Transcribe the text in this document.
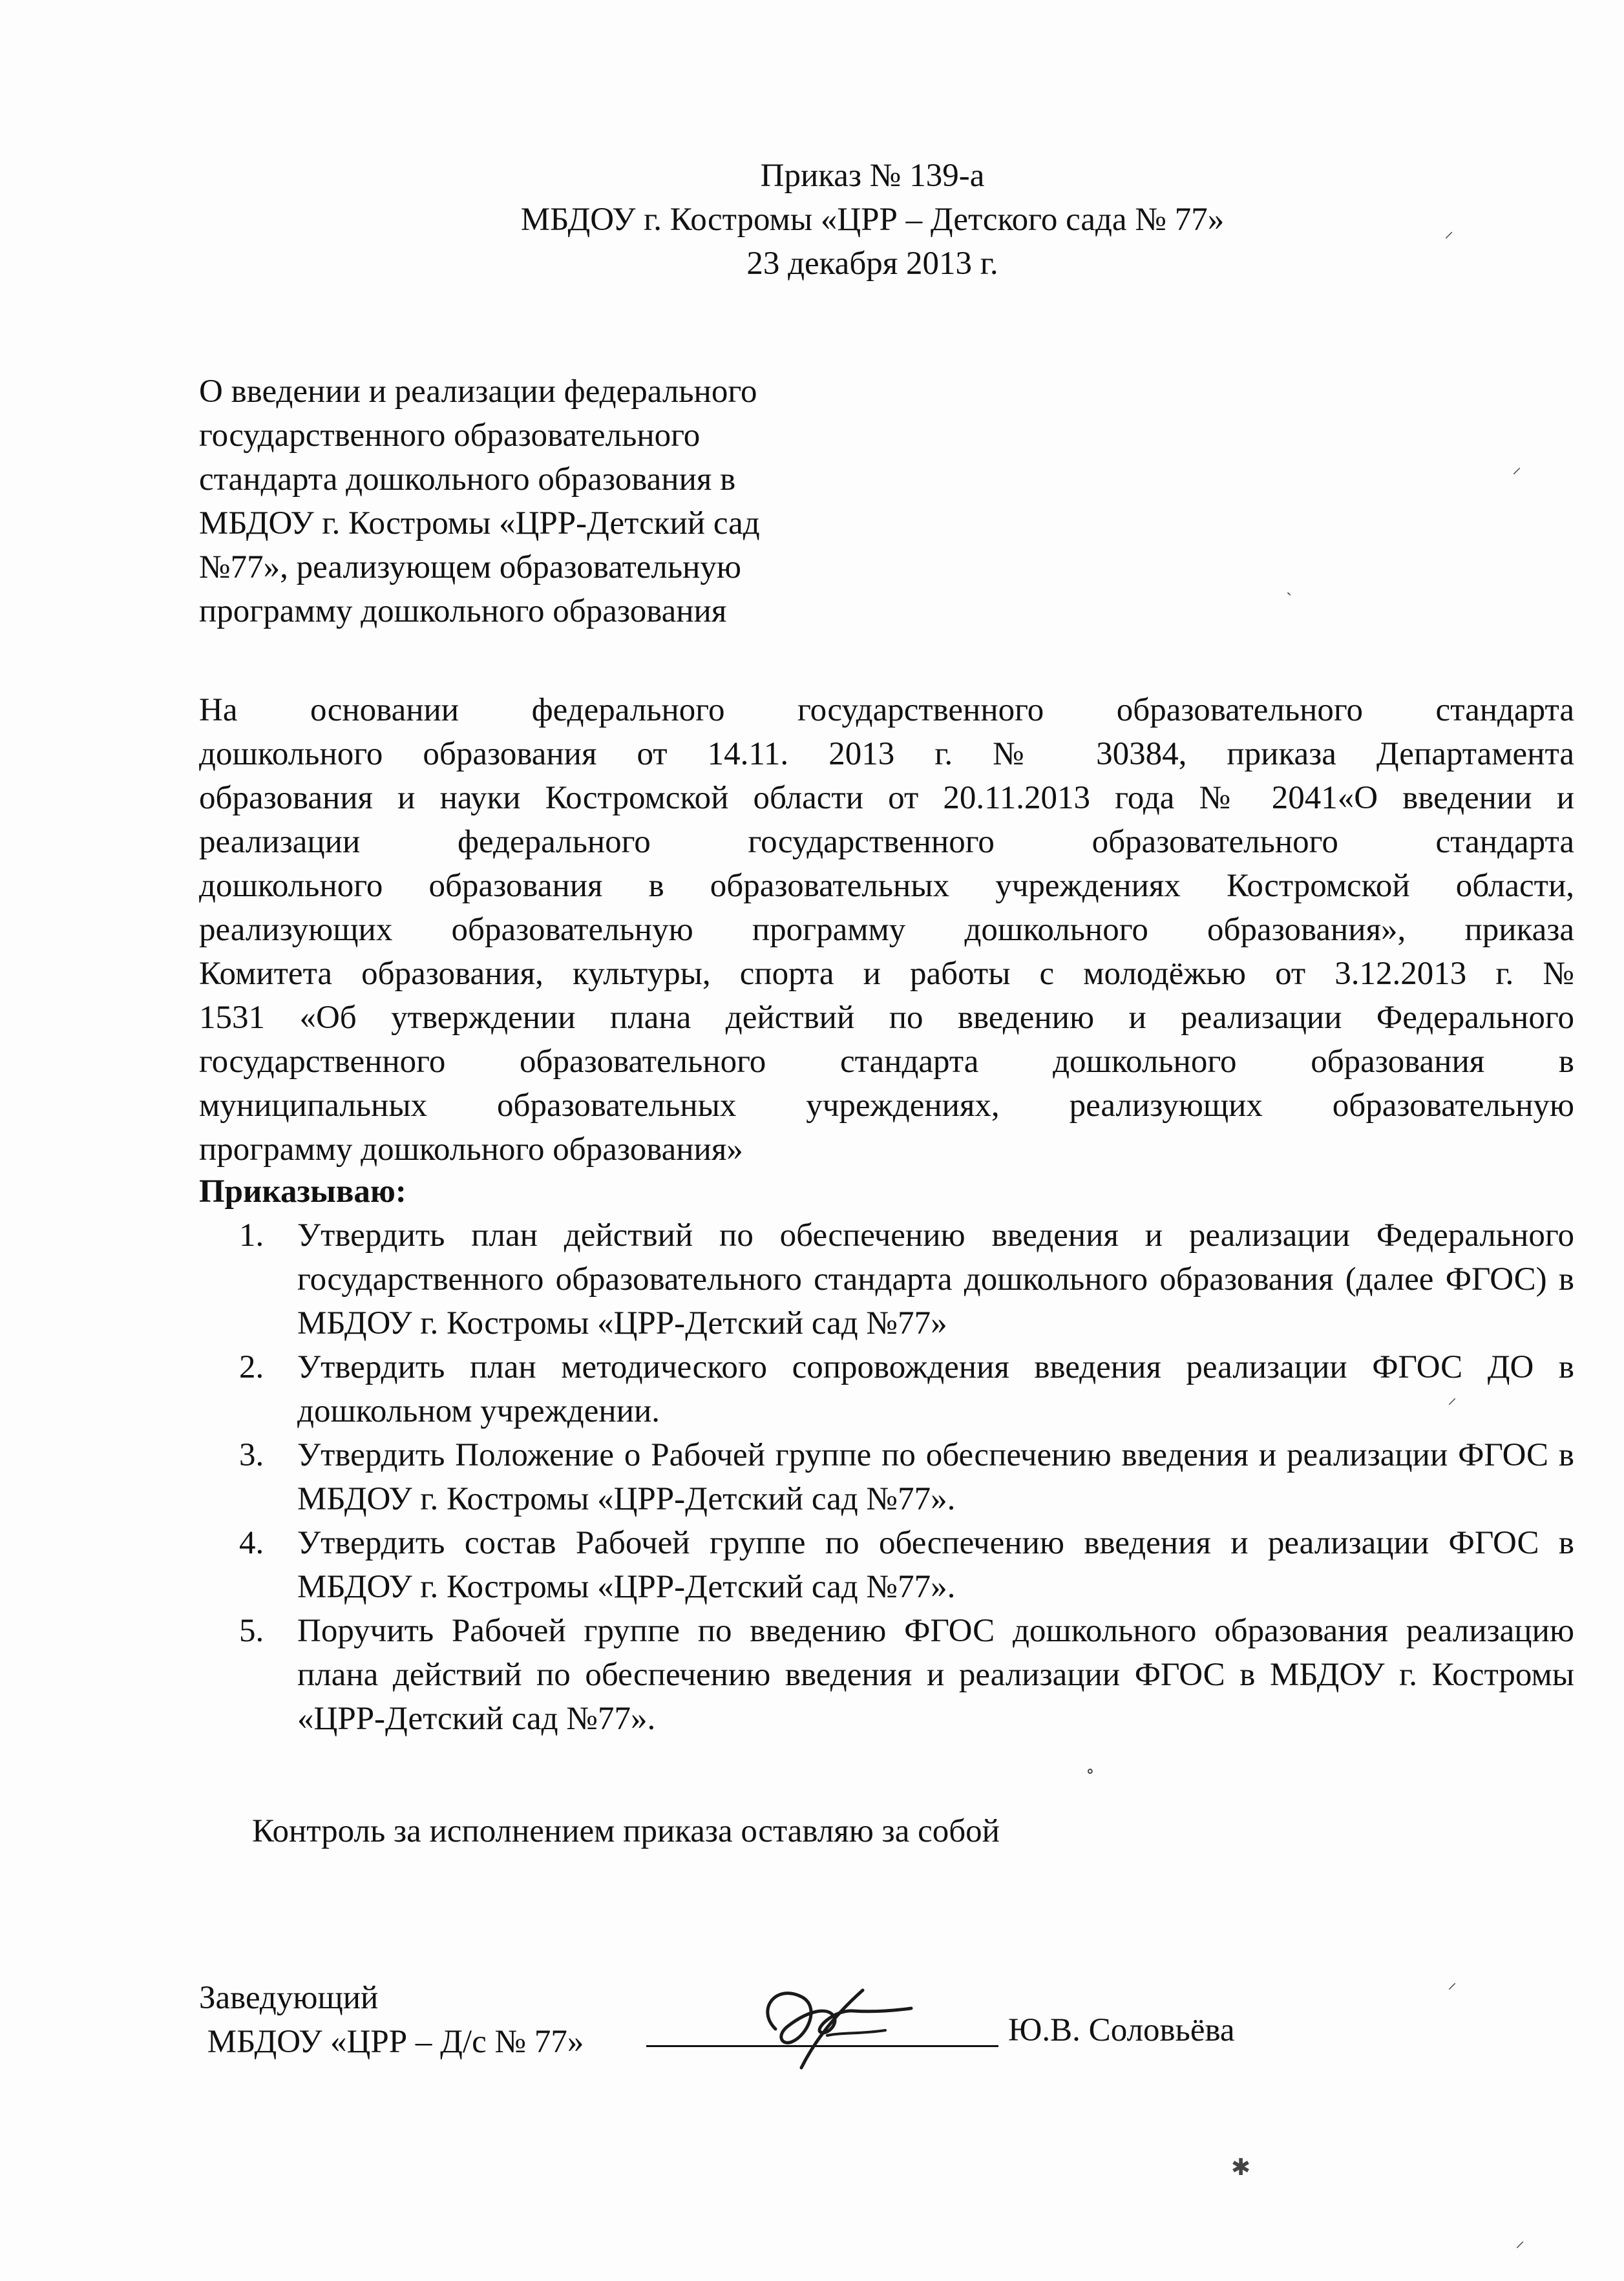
Приказ № 139-а
МБДОУ г. Костромы «ЦРР – Детского сада № 77»
23 декабря 2013 г.
О введении и реализации федерального
государственного образовательного
стандарта дошкольного образования в
МБДОУ г. Костромы «ЦРР-Детский сад
№77», реализующем образовательную
программу дошкольного образования
На основании федерального государственного образовательного стандарта
дошкольного образования от 14.11. 2013 г. № 30384, приказа Департамента
образования и науки Костромской области от 20.11.2013 года № 2041«О введении и
реализации федерального государственного образовательного стандарта
дошкольного образования в образовательных учреждениях Костромской области,
реализующих образовательную программу дошкольного образования», приказа
Комитета образования, культуры, спорта и работы с молодёжью от 3.12.2013 г. №
1531 «Об утверждении плана действий по введению и реализации Федерального
государственного образовательного стандарта дошкольного образования в
муниципальных образовательных учреждениях, реализующих образовательную
программу дошкольного образования»
Приказываю:
1. Утвердить план действий по обеспечению введения и реализации Федерального государственного образовательного стандарта дошкольного образования (далее ФГОС) в МБДОУ г. Костромы «ЦРР-Детский сад №77»
2. Утвердить план методического сопровождения введения реализации ФГОС ДО в дошкольном учреждении.
3. Утвердить Положение о Рабочей группе по обеспечению введения и реализации ФГОС в МБДОУ г. Костромы «ЦРР-Детский сад №77».
4. Утвердить состав Рабочей группе по обеспечению введения и реализации ФГОС в МБДОУ г. Костромы «ЦРР-Детский сад №77».
5. Поручить Рабочей группе по введению ФГОС дошкольного образования реализацию плана действий по обеспечению введения и реализации ФГОС в МБДОУ г. Костромы «ЦРР-Детский сад №77».
Контроль за исполнением приказа оставляю за собой
Заведующий
МБДОУ «ЦРР – Д/с № 77»	Ю.В. Соловьёва
⸝
⸝
`
⸝
∘
⸝
✱
⸝
